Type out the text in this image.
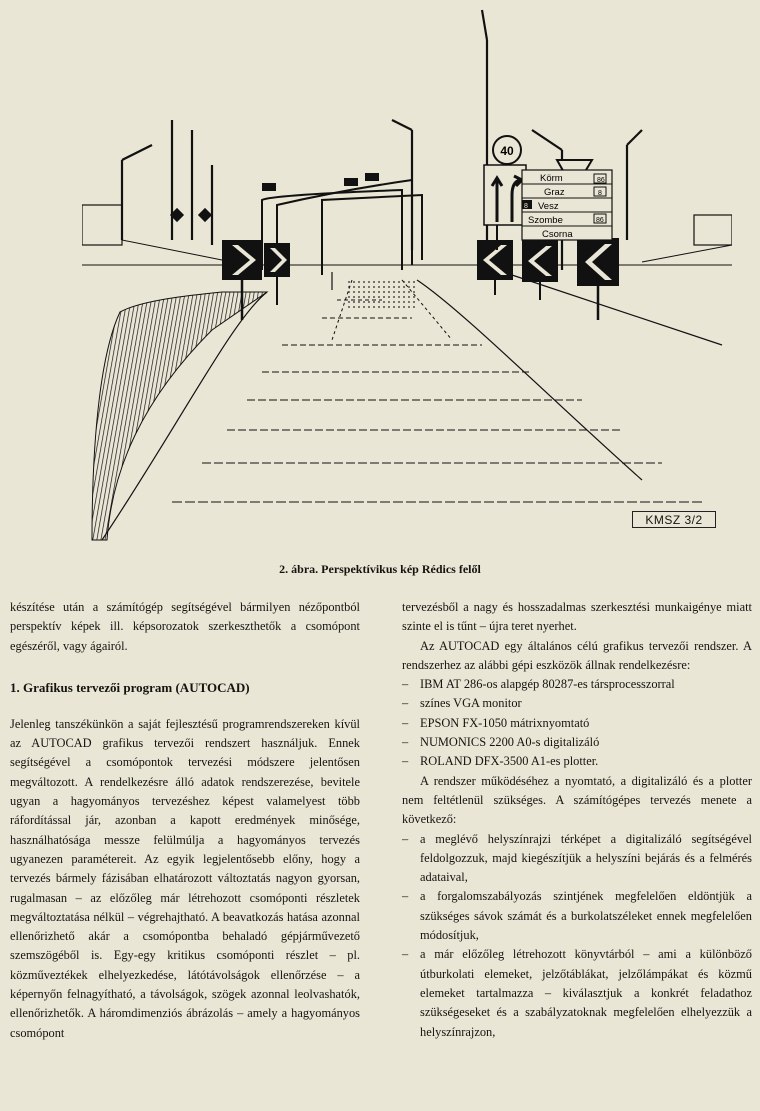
40
Körm
Graz
Vesz
Szombe
Csorna
86
8
8
86
KMSZ 3/2
2. ábra. Perspektívikus kép Rédics felől

készítése után a számítógép segítségével bármilyen nézőpontból perspektív képek ill. képsorozatok szerkeszthetők a csomópont egészéről, vagy ágairól.

1. Grafikus tervezői program (AUTOCAD)

Jelenleg tanszékünkön a saját fejlesztésű programrendszereken kívül az AUTOCAD grafikus tervezői rendszert használjuk. Ennek segítségével a csomópontok tervezési módszere jelentősen megváltozott. A rendelkezésre álló adatok rendszerezése, bevitele ugyan a hagyományos tervezéshez képest valamelyest több ráfordítással jár, azonban a kapott eredmények minősége, használhatósága messze felülmúlja a hagyományos tervezés ugyanezen paramétereit. Az egyik legjelentősebb előny, hogy a tervezés bármely fázisában elhatározott változtatás nagyon gyorsan, rugalmasan – az előzőleg már létrehozott csomóponti részletek megváltoztatása nélkül – végrehajtható. A beavatkozás hatása azonnal ellenőrizhető akár a csomópontba behaladó gépjárművezető szemszögéből is. Egy-egy kritikus csomóponti részlet – pl. közműveztékek elhelyezkedése, látótávolságok ellenőrzése – a képernyőn felnagyítható, a távolságok, szögek azonnal leolvashatók, ellenőrizhetők. A háromdimenziós ábrázolás – amely a hagyományos csomópont

tervezésből a nagy és hosszadalmas szerkesztési munkaigénye miatt szinte el is tűnt – újra teret nyerhet.

Az AUTOCAD egy általános célú grafikus tervezői rendszer. A rendszerhez az alábbi gépi eszközök állnak rendelkezésre:

– IBM AT 286-os alapgép 80287-es társprocesszorral
– színes VGA monitor
– EPSON FX-1050 mátrixnyomtató
– NUMONICS 2200 A0-s digitalizáló
– ROLAND DFX-3500 A1-es plotter.

A rendszer működéséhez a nyomtató, a digitalizáló és a plotter nem feltétlenül szükséges. A számítógépes tervezés menete a következő:

– a meglévő helyszínrajzi térképet a digitalizáló segítségével feldolgozzuk, majd kiegészítjük a helyszíni bejárás és a felmérés adataival,
– a forgalomszabályozás szintjének megfelelően eldöntjük a szükséges sávok számát és a burkolatszéleket ennek megfelelően módosítjuk,
– a már előzőleg létrehozott könyvtárból – ami a különböző útburkolati elemeket, jelzőtáblákat, jelzőlámpákat és közmű elemeket tartalmazza – kiválasztjuk a konkrét feladathoz szükségeseket és a szabályzatoknak megfelelően elhelyezzük a helyszínrajzon,
